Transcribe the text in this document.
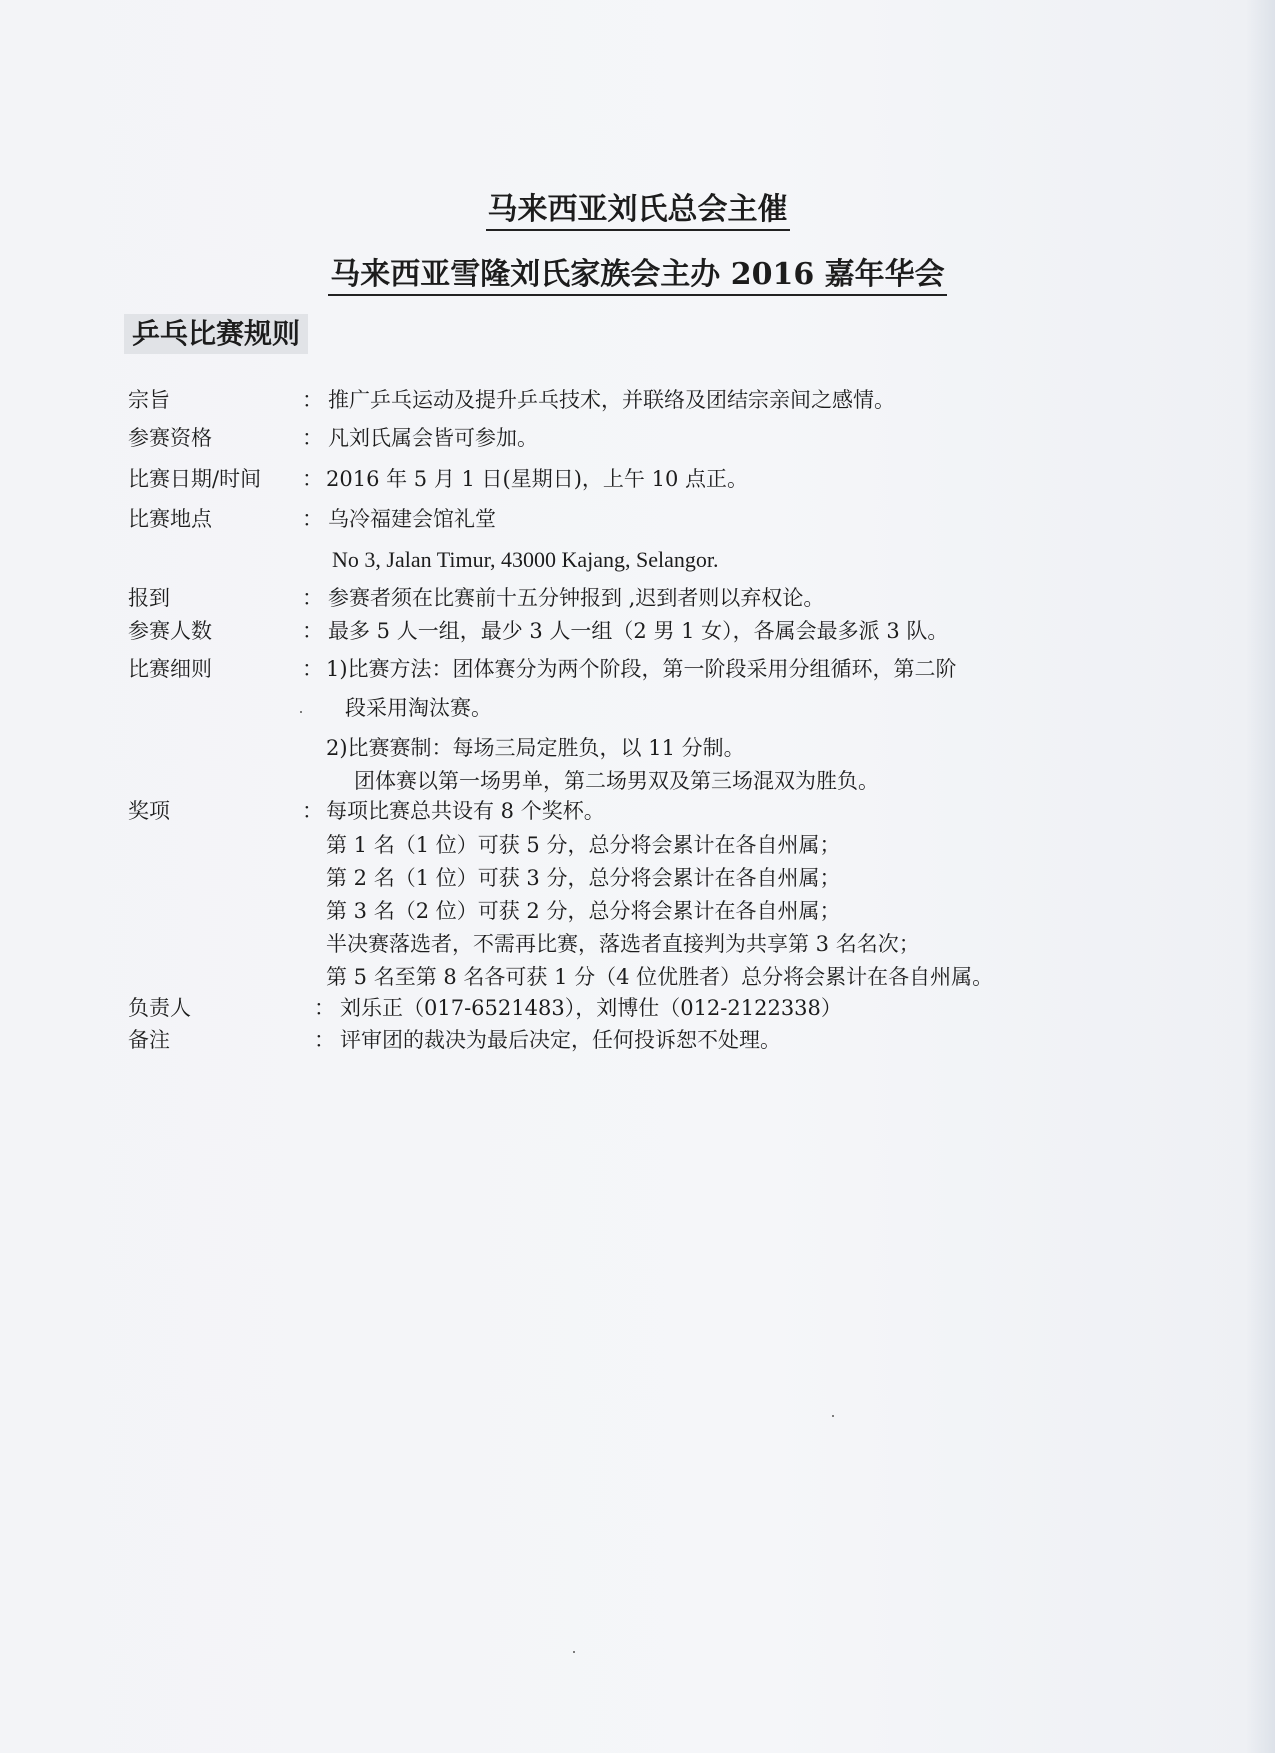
马来西亚刘氏总会主催
马来西亚雪隆刘氏家族会主办 2016 嘉年华会
乒乓比赛规则
宗旨	： 推广乒乓运动及提升乒乓技术，并联络及团结宗亲间之感情。
参赛资格	： 凡刘氏属会皆可参加。
比赛日期/时间 ： 2016 年 5 月 1 日(星期日)，上午 10 点正。
比赛地点	： 乌冷福建会馆礼堂
No 3, Jalan Timur, 43000 Kajang, Selangor.
报到	： 参赛者须在比赛前十五分钟报到 ,迟到者则以弃权论。
参赛人数	： 最多 5 人一组，最少 3 人一组（2 男 1 女），各属会最多派 3 队。
比赛细则	： 1)比赛方法：团体赛分为两个阶段，第一阶段采用分组循环，第二阶
段采用淘汰赛。
2)比赛赛制：每场三局定胜负，以 11 分制。
团体赛以第一场男单，第二场男双及第三场混双为胜负。
奖项	： 每项比赛总共设有 8 个奖杯。
第 1 名（1 位）可获 5 分，总分将会累计在各自州属；
第 2 名（1 位）可获 3 分，总分将会累计在各自州属；
第 3 名（2 位）可获 2 分，总分将会累计在各自州属；
半决赛落选者，不需再比赛，落选者直接判为共享第 3 名名次；
第 5 名至第 8 名各可获 1 分（4 位优胜者）总分将会累计在各自州属。
负责人	： 刘乐正（017-6521483），刘博仕（012-2122338）
备注	： 评审团的裁决为最后决定，任何投诉恕不处理。
